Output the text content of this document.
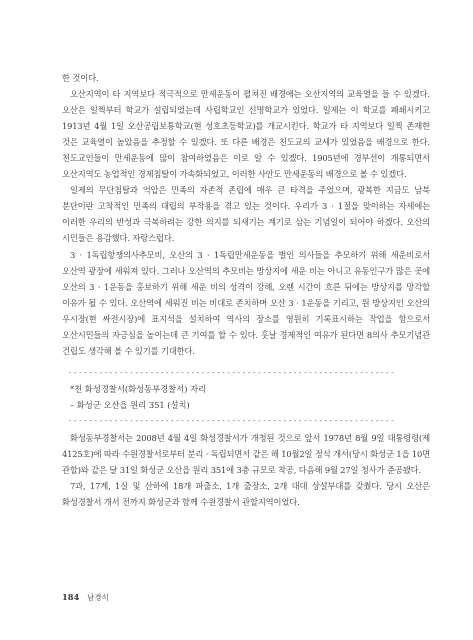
한 것이다.

오산지역이 타 지역보다 적극적으로 만세운동이 펼쳐진 배경에는 오산지역의 교육열을 들 수 있겠다. 오산은 일찍부터 학교가 설립되었는데 사립학교인 신명학교가 있었다. 일제는 이 학교를 폐쇄시키고 1913년 4월 1일 오산공립보통학교(현 성호초등학교)를 개교시킨다. 학교가 타 지역보다 일찍 존재한 것은 교육열이 높았음을 추정할 수 있겠다. 또 다른 배경은 천도교의 교세가 있었음을 배경으로 한다. 천도교인들이 만세운동에 많이 참여하였음은 이로 알 수 있겠다. 1905년에 경부선이 개통되면서 오산지역도 농업적인 경제침탈이 가속화되었고, 이러한 사안도 만세운동의 배경으로 볼 수 있겠다.

일제의 무단침탈과 억압은 민족의 자존적 존립에 매우 큰 타격을 주었으며, 광복한 지금도 남북 분단이란 고착적인 민족의 대립의 부작용을 겪고 있는 것이다. 우리가 3 · 1절을 맞이하는 자세에는 이러한 우리의 반성과 극복하려는 강한 의지를 되새기는 계기로 삼는 기념일이 되어야 하겠다. 오산의 시민들은 용감했다. 자랑스럽다.

3 · 1독립항쟁의사추모비, 오산의 3 · 1독립만세운동을 벌인 의사들을 추모하기 위해 세운비로서 오산역 광장에 세워져 있다. 그러나 오산역의 추모비는 방상지에 세운 비는 아니고 유동인구가 많은 곳에 오산의 3 · 1운동을 홍보하기 위해 세운 비의 성격이 강해, 오랜 시간이 흐른 뒤에는 방상지를 망각할 이유가 될 수 있다. 오산역에 세워진 비는 비대로 존치하며 오산 3 · 1운동을 기리고, 원 방상지인 오산의 우시장(현 싸전시장)에 표지석을 설치하여 역사의 장소를 영원히 기록표시하는 작업을 함으로서 오산시민들의 자긍심을 높이는데 큰 기여를 할 수 있다. 훗날 경제적인 여유가 된다면 8의사 추모기념관 건립도 생각해 볼 수 있기를 기대한다.

----------------------------------------------------------------
*천 화성경찰서(화성동부경찰서) 자리
– 화성군 오산읍 원리 351 (설치)
----------------------------------------------------------------

화성동부경찰서는 2008년 4월 4일 화성경찰서가 개청된 것으로 앞서 1978년 8월 9일 대통령령(제 4125호)에 따라 수원경찰서로부터 분리 · 독립되면서 같은 해 10월2일 정식 개서(당시 화성군 1읍 10면 관할)와 같은 달 31일 화성군 오산읍 원리 351에 3층 규모로 착공, 다음해 9월 27일 청사가 준공됐다.

7과, 17계, 1실 및 산하에 18개 파출소, 1개 출장소, 2개 대대 상설부대를 갖췄다. 당시 오산은 화성경찰서 개서 전까지 화성군과 함께 수원경찰서 관할지역이었다.

184 남경식
